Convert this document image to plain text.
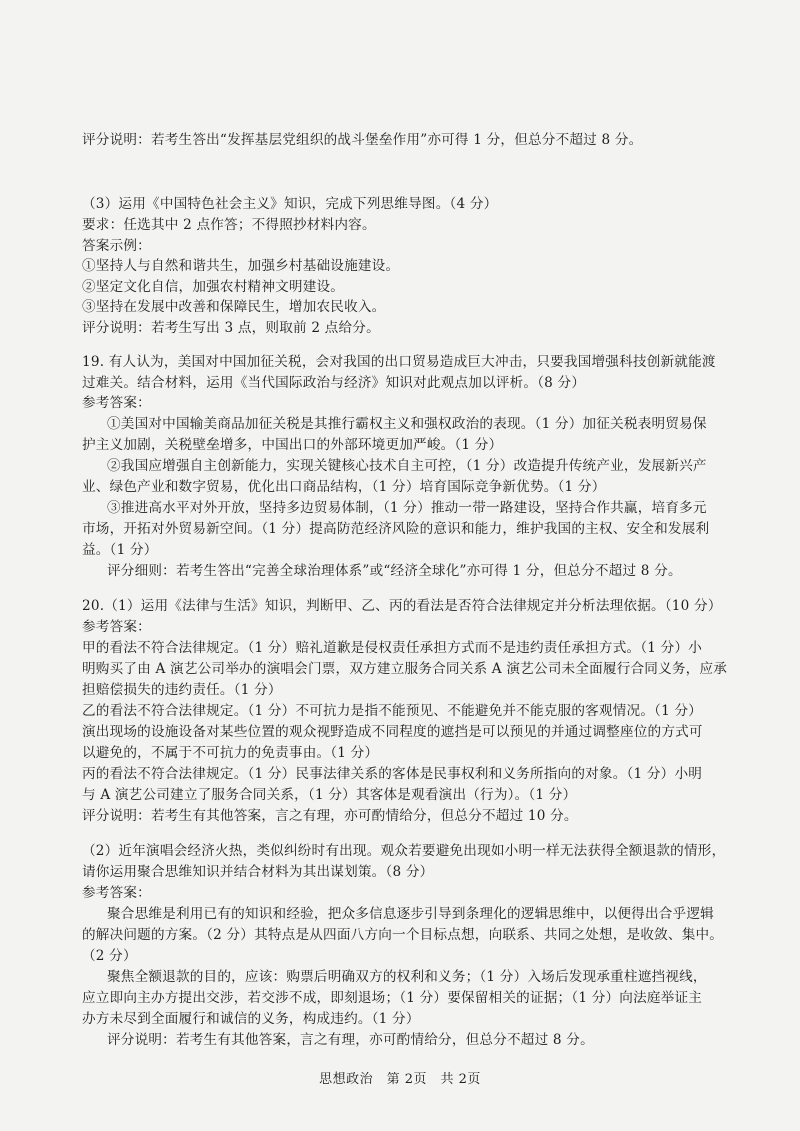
评分说明：若考生答出“发挥基层党组织的战斗堡垒作用”亦可得 1 分，但总分不超过 8 分。
（3）运用《中国特色社会主义》知识，完成下列思维导图。（4 分）
要求：任选其中 2 点作答；不得照抄材料内容。
答案示例：
①坚持人与自然和谐共生，加强乡村基础设施建设。
②坚定文化自信，加强农村精神文明建设。
③坚持在发展中改善和保障民生，增加农民收入。
评分说明：若考生写出 3 点，则取前 2 点给分。
19. 有人认为，美国对中国加征关税，会对我国的出口贸易造成巨大冲击，只要我国增强科技创新就能渡
过难关。结合材料，运用《当代国际政治与经济》知识对此观点加以评析。（8 分）
参考答案：
①美国对中国输美商品加征关税是其推行霸权主义和强权政治的表现。（1 分）加征关税表明贸易保
护主义加剧，关税壁垒增多，中国出口的外部环境更加严峻。（1 分）
②我国应增强自主创新能力，实现关键核心技术自主可控，（1 分）改造提升传统产业，发展新兴产
业、绿色产业和数字贸易，优化出口商品结构，（1 分）培育国际竞争新优势。（1 分）
③推进高水平对外开放，坚持多边贸易体制，（1 分）推动一带一路建设，坚持合作共赢，培育多元
市场，开拓对外贸易新空间。（1 分）提高防范经济风险的意识和能力，维护我国的主权、安全和发展利
益。（1 分）
评分细则：若考生答出“完善全球治理体系”或“经济全球化”亦可得 1 分，但总分不超过 8 分。
20.（1）运用《法律与生活》知识，判断甲、乙、丙的看法是否符合法律规定并分析法理依据。（10 分）
参考答案：
甲的看法不符合法律规定。（1 分）赔礼道歉是侵权责任承担方式而不是违约责任承担方式。（1 分）小
明购买了由 A 演艺公司举办的演唱会门票，双方建立服务合同关系 A 演艺公司未全面履行合同义务，应承
担赔偿损失的违约责任。（1 分）
乙的看法不符合法律规定。（1 分）不可抗力是指不能预见、不能避免并不能克服的客观情况。（1 分）
演出现场的设施设备对某些位置的观众视野造成不同程度的遮挡是可以预见的并通过调整座位的方式可
以避免的，不属于不可抗力的免责事由。（1 分）
丙的看法不符合法律规定。（1 分）民事法律关系的客体是民事权利和义务所指向的对象。（1 分）小明
与 A 演艺公司建立了服务合同关系，（1 分）其客体是观看演出（行为）。（1 分）
评分说明：若考生有其他答案，言之有理，亦可酌情给分，但总分不超过 10 分。
（2）近年演唱会经济火热，类似纠纷时有出现。观众若要避免出现如小明一样无法获得全额退款的情形，
请你运用聚合思维知识并结合材料为其出谋划策。（8 分）
参考答案：
聚合思维是利用已有的知识和经验，把众多信息逐步引导到条理化的逻辑思维中，以便得出合乎逻辑
的解决问题的方案。（2 分）其特点是从四面八方向一个目标点想，向联系、共同之处想，是收敛、集中。
（2 分）
聚焦全额退款的目的，应该：购票后明确双方的权利和义务；（1 分）入场后发现承重柱遮挡视线，
应立即向主办方提出交涉，若交涉不成，即刻退场；（1 分）要保留相关的证据；（1 分）向法庭举证主
办方未尽到全面履行和诚信的义务，构成违约。（1 分）
评分说明：若考生有其他答案，言之有理，亦可酌情给分，但总分不超过 8 分。
思想政治　第 2页　共 2页
